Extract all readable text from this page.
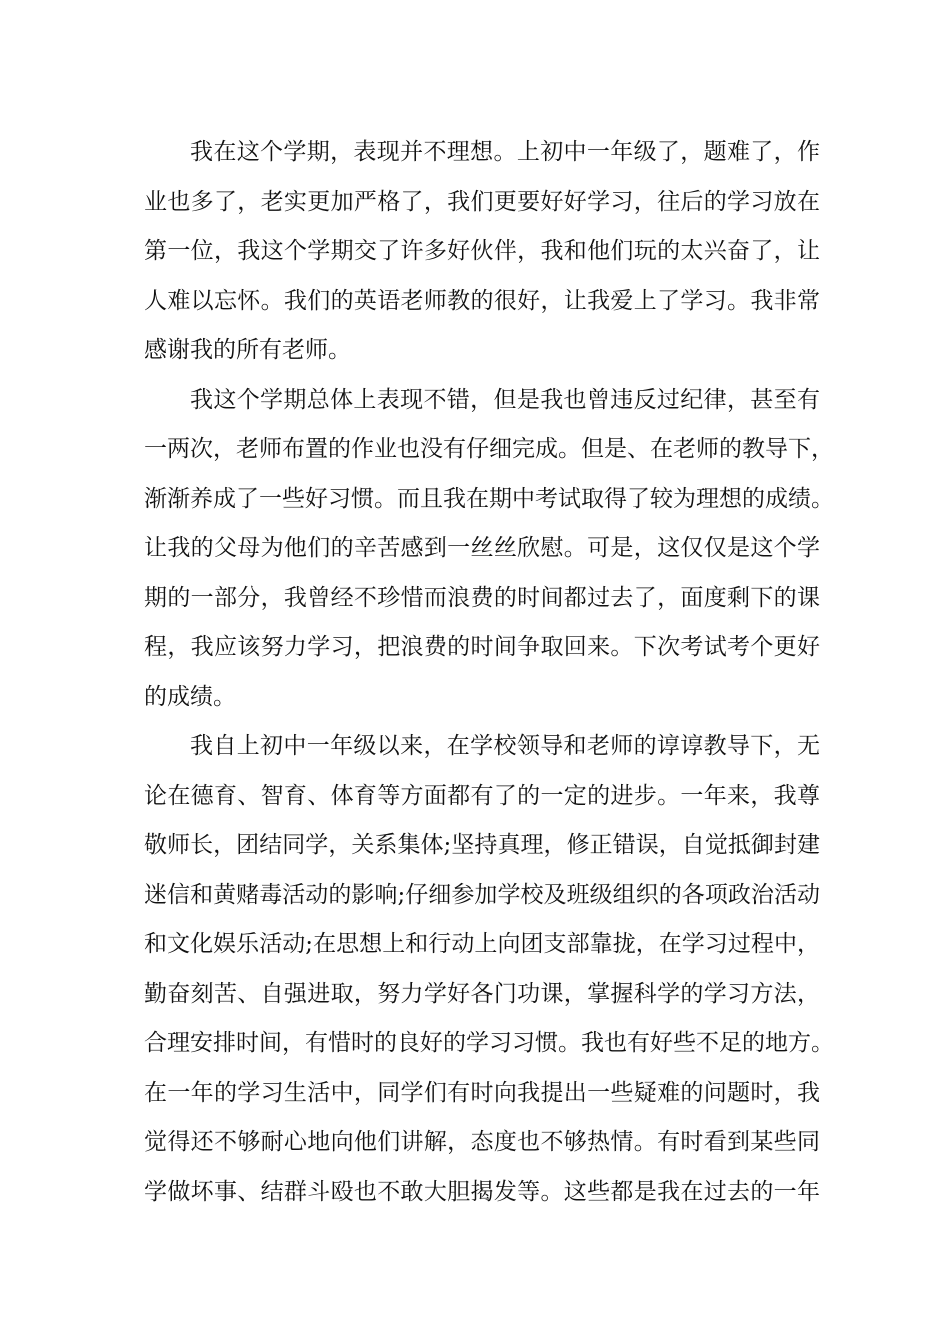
我在这个学期，表现并不理想。上初中一年级了，题难了，作
业也多了，老实更加严格了，我们更要好好学习，往后的学习放在
第一位，我这个学期交了许多好伙伴，我和他们玩的太兴奋了，让
人难以忘怀。我们的英语老师教的很好，让我爱上了学习。我非常
感谢我的所有老师。
我这个学期总体上表现不错，但是我也曾违反过纪律，甚至有
一两次，老师布置的作业也没有仔细完成。但是、在老师的教导下，
渐渐养成了一些好习惯。而且我在期中考试取得了较为理想的成绩。
让我的父母为他们的辛苦感到一丝丝欣慰。可是，这仅仅是这个学
期的一部分，我曾经不珍惜而浪费的时间都过去了，面度剩下的课
程，我应该努力学习，把浪费的时间争取回来。下次考试考个更好
的成绩。
我自上初中一年级以来，在学校领导和老师的谆谆教导下，无
论在德育、智育、体育等方面都有了的一定的进步。一年来，我尊
敬师长，团结同学，关系集体;坚持真理，修正错误，自觉抵御封建
迷信和黄赌毒活动的影响;仔细参加学校及班级组织的各项政治活动
和文化娱乐活动;在思想上和行动上向团支部靠拢，在学习过程中，
勤奋刻苦、自强进取，努力学好各门功课，掌握科学的学习方法，
合理安排时间，有惜时的良好的学习习惯。我也有好些不足的地方。
在一年的学习生活中，同学们有时向我提出一些疑难的问题时，我
觉得还不够耐心地向他们讲解，态度也不够热情。有时看到某些同
学做坏事、结群斗殴也不敢大胆揭发等。这些都是我在过去的一年
